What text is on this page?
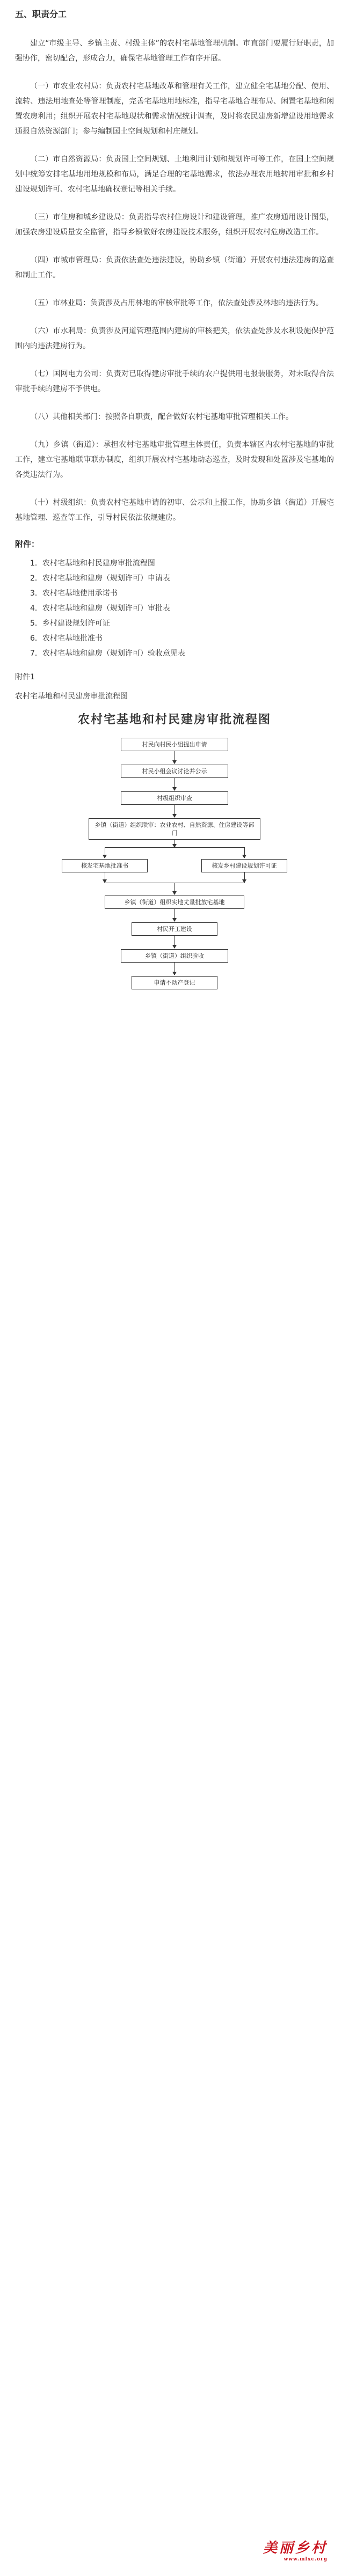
五、职责分工

建立“市级主导、乡镇主责、村级主体”的农村宅基地管理机制。市直部门要履行好职责，加强协作，密切配合，形成合力，确保宅基地管理工作有序开展。

（一）市农业农村局：负责农村宅基地改革和管理有关工作，建立健全宅基地分配、使用、流转、违法用地查处等管理制度，完善宅基地用地标准，指导宅基地合理布局、闲置宅基地和闲置农房利用；组织开展农村宅基地现状和需求情况统计调查，及时将农民建房新增建设用地需求通报自然资源部门；参与编制国土空间规划和村庄规划。

（二）市自然资源局：负责国土空间规划、土地利用计划和规划许可等工作，在国土空间规划中统筹安排宅基地用地规模和布局，满足合理的宅基地需求，依法办理农用地转用审批和乡村建设规划许可、农村宅基地确权登记等相关手续。

（三）市住房和城乡建设局：负责指导农村住房设计和建设管理，推广农房通用设计图集，加强农房建设质量安全监管，指导乡镇做好农房建设技术服务，组织开展农村危房改造工作。

（四）市城市管理局：负责依法查处违法建设，协助乡镇（街道）开展农村违法建房的巡查和制止工作。

（五）市林业局：负责涉及占用林地的审核审批等工作，依法查处涉及林地的违法行为。

（六）市水利局：负责涉及河道管理范围内建房的审核把关，依法查处涉及水利设施保护范围内的违法建房行为。

（七）国网电力公司：负责对已取得建房审批手续的农户提供用电报装服务，对未取得合法审批手续的建房不予供电。

（八）其他相关部门：按照各自职责，配合做好农村宅基地审批管理相关工作。

（九）乡镇（街道）：承担农村宅基地审批管理主体责任，负责本辖区内农村宅基地的审批工作，建立宅基地联审联办制度，组织开展农村宅基地动态巡查，及时发现和处置涉及宅基地的各类违法行为。

（十）村级组织：负责农村宅基地申请的初审、公示和上报工作，协助乡镇（街道）开展宅基地管理、巡查等工作，引导村民依法依规建房。

附件：
1．农村宅基地和村民建房审批流程图
2．农村宅基地和建房（规划许可）申请表
3．农村宅基地使用承诺书
4．农村宅基地和建房（规划许可）审批表
5．乡村建设规划许可证
6．农村宅基地批准书
7．农村宅基地和建房（规划许可）验收意见表
附件1
农村宅基地和村民建房审批流程图
农村宅基地和村民建房审批流程图
村民向村民小组提出申请
村民小组会议讨论并公示
村级组织审查
乡镇（街道）组织联审：农业农村、自然资源、住房建设等部门
核发宅基地批准书	核发乡村建设规划许可证
乡镇（街道）组织实地丈量批放宅基地
村民开工建设
乡镇（街道）组织验收
申请不动产登记
美丽乡村
www.mlxc.org
